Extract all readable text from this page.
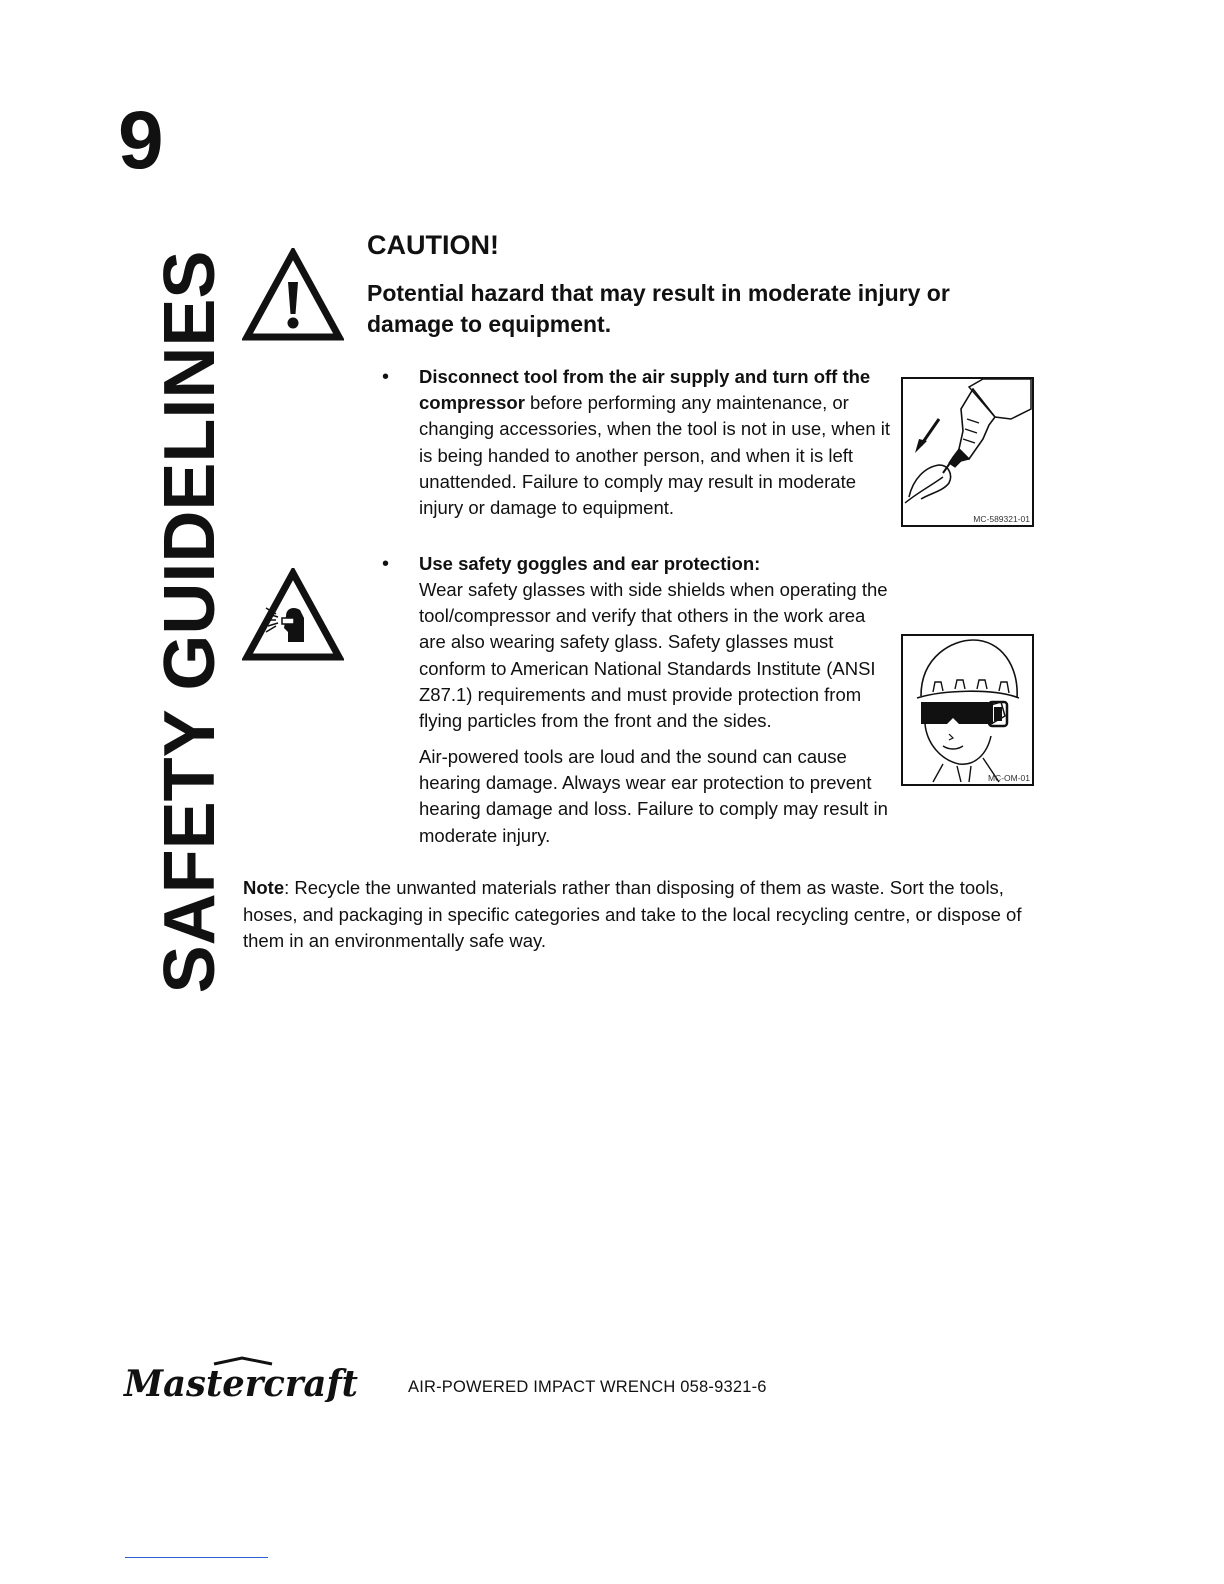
9
SAFETY GUIDELINES
CAUTION!

Potential hazard that may result in moderate injury or damage to equipment.

• Disconnect tool from the air supply and turn off the compressor before performing any maintenance, or changing accessories, when the tool is not in use, when it is being handed to another person, and when it is left unattended. Failure to comply may result in moderate injury or damage to equipment.

MC-589321-01
• Use safety goggles and ear protection:

Wear safety glasses with side shields when operating the tool/compressor and verify that others in the work area are also wearing safety glass. Safety glasses must conform to American National Standards Institute (ANSI Z87.1) requirements and must provide protection from flying particles from the front and the sides.

Air-powered tools are loud and the sound can cause hearing damage. Always wear ear protection to prevent hearing damage and loss. Failure to comply may result in moderate injury.

MC-OM-01

Note: Recycle the unwanted materials rather than disposing of them as waste. Sort the tools, hoses, and packaging in specific categories and take to the local recycling centre, or dispose of them in an environmentally safe way.

Mastercraft	AIR-POWERED IMPACT WRENCH 058-9321-6
